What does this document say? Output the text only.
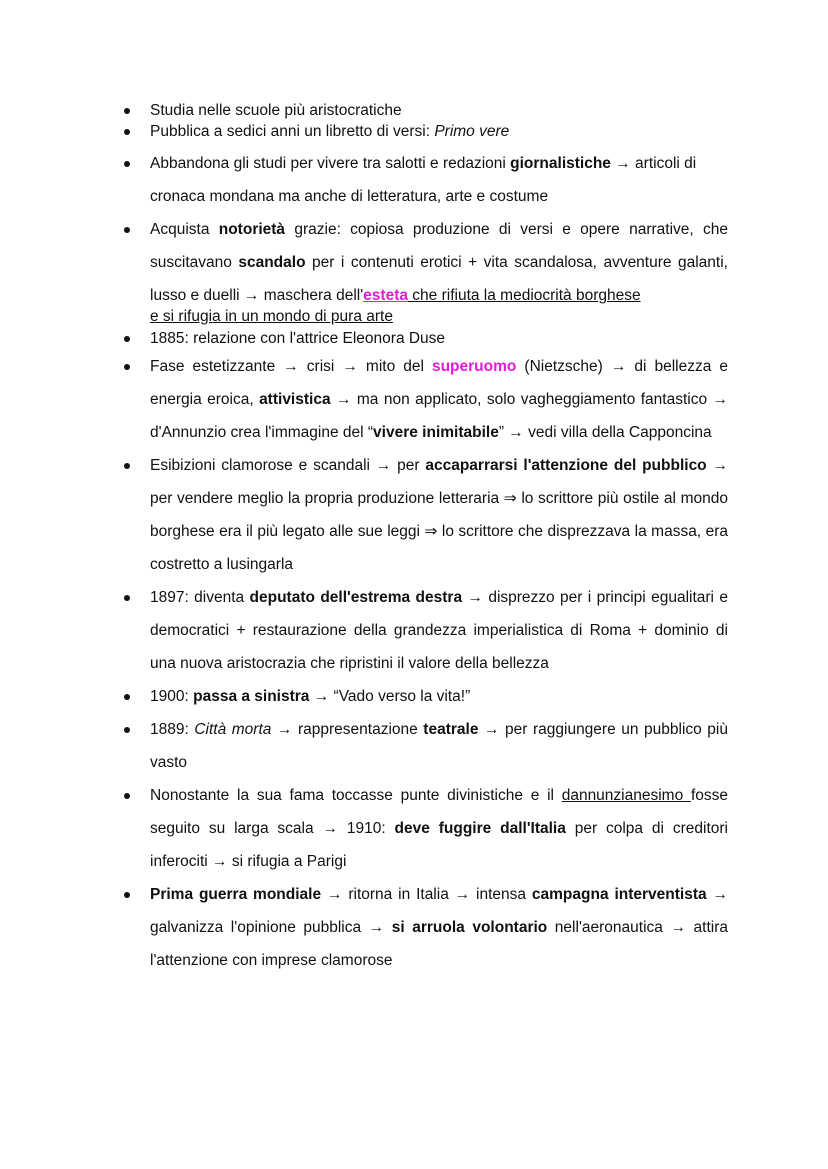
Studia nelle scuole più aristocratiche
Pubblica a sedici anni un libretto di versi: Primo vere
Abbandona gli studi per vivere tra salotti e redazioni giornalistiche → articoli di cronaca mondana ma anche di letteratura, arte e costume
Acquista notorietà grazie: copiosa produzione di versi e opere narrative, che suscitavano scandalo per i contenuti erotici + vita scandalosa, avventure galanti, lusso e duelli → maschera dell'esteta che rifiuta la mediocrità borghese
e si rifugia in un mondo di pura arte
1885: relazione con l'attrice Eleonora Duse
Fase estetizzante → crisi → mito del superuomo (Nietzsche) → di bellezza e energia eroica, attivistica → ma non applicato, solo vagheggiamento fantastico → d'Annunzio crea l'immagine del “vivere inimitabile” → vedi villa della Capponcina
Esibizioni clamorose e scandali → per accaparrarsi l'attenzione del pubblico → per vendere meglio la propria produzione letteraria ⇒ lo scrittore più ostile al mondo borghese era il più legato alle sue leggi ⇒ lo scrittore che disprezzava la massa, era costretto a lusingarla
1897: diventa deputato dell'estrema destra → disprezzo per i principi egualitari e democratici + restaurazione della grandezza imperialistica di Roma + dominio di una nuova aristocrazia che ripristini il valore della bellezza
1900: passa a sinistra → “Vado verso la vita!”
1889: Città morta → rappresentazione teatrale → per raggiungere un pubblico più vasto
Nonostante la sua fama toccasse punte divinistiche e il dannunzianesimo fosse seguito su larga scala → 1910: deve fuggire dall'Italia per colpa di creditori inferociti → si rifugia a Parigi
Prima guerra mondiale → ritorna in Italia → intensa campagna interventista → galvanizza l'opinione pubblica → si arruola volontario nell'aeronautica → attira l'attenzione con imprese clamorose
